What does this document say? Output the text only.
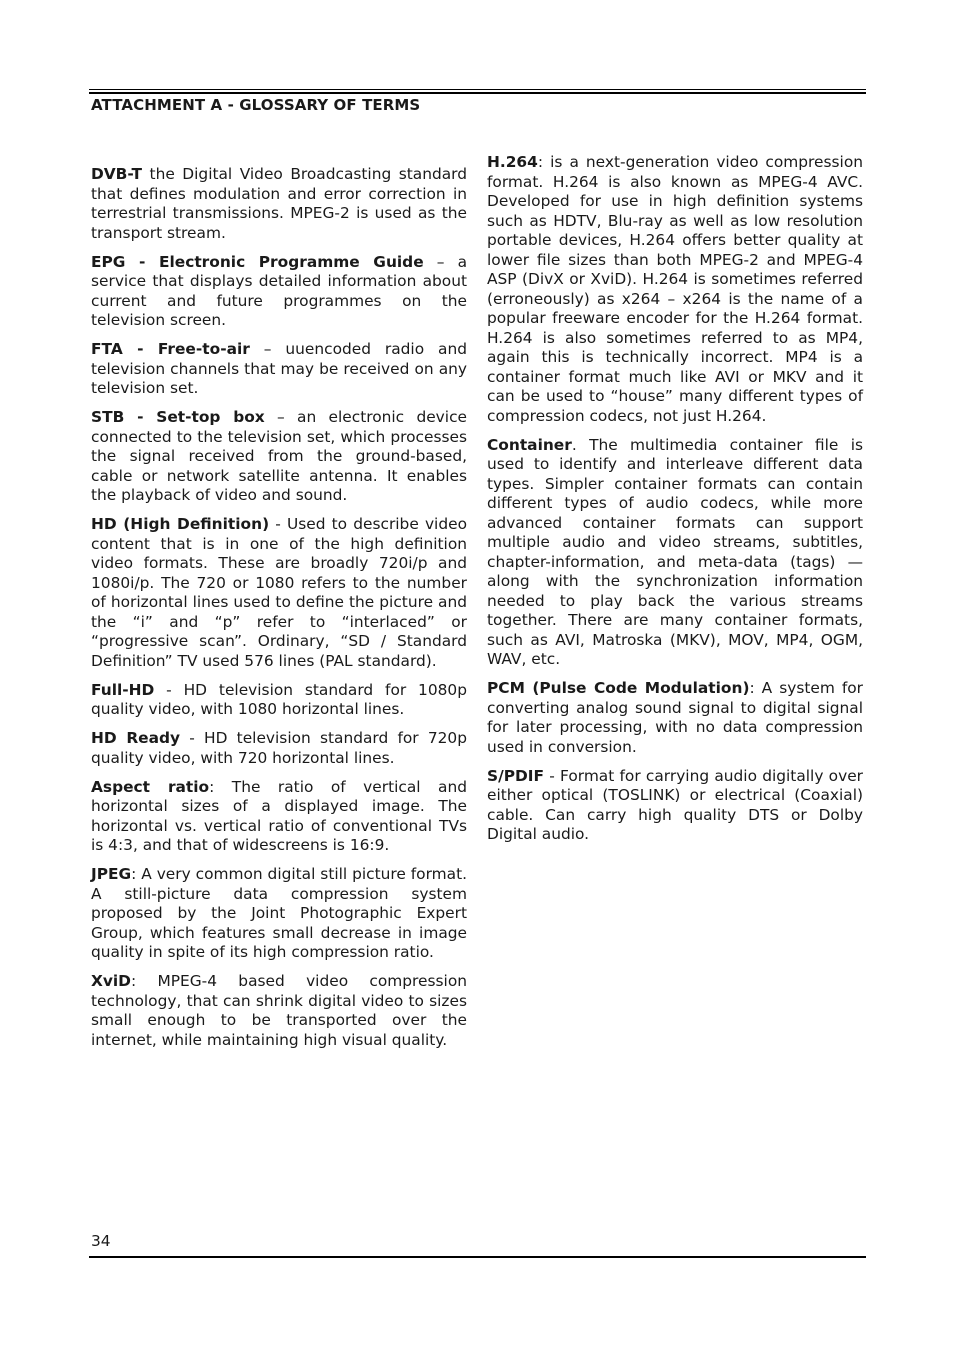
ATTACHMENT A - GLOSSARY OF TERMS

DVB-T the Digital Video Broadcasting standard that defines modulation and error correction in terrestrial transmissions. MPEG-2 is used as the transport stream.

EPG - Electronic Programme Guide – a service that displays detailed information about current and future programmes on the television screen.

FTA - Free-to-air – uuencoded radio and television channels that may be received on any television set.

STB - Set-top box – an electronic device connected to the television set, which processes the signal received from the ground-based, cable or network satellite antenna. It enables the playback of video and sound.

HD (High Definition) - Used to describe video content that is in one of the high definition video formats. These are broadly 720i/p and 1080i/p. The 720 or 1080 refers to the number of horizontal lines used to define the picture and the “i” and “p” refer to “interlaced” or “progressive scan”. Ordinary, “SD / Standard Definition” TV used 576 lines (PAL standard).

Full-HD - HD television standard for 1080p quality video, with 1080 horizontal lines.

HD Ready - HD television standard for 720p quality video, with 720 horizontal lines.

Aspect ratio: The ratio of vertical and horizontal sizes of a displayed image. The horizontal vs. vertical ratio of conventional TVs is 4:3, and that of widescreens is 16:9.

JPEG: A very common digital still picture format. A still-picture data compression system proposed by the Joint Photographic Expert Group, which features small decrease in image quality in spite of its high compression ratio.

XviD: MPEG-4 based video compression technology, that can shrink digital video to sizes small enough to be transported over the internet, while maintaining high visual quality.

H.264: is a next-generation video compression format. H.264 is also known as MPEG-4 AVC. Developed for use in high definition systems such as HDTV, Blu-ray as well as low resolution portable devices, H.264 offers better quality at lower file sizes than both MPEG-2 and MPEG-4 ASP (DivX or XviD). H.264 is sometimes referred (erroneously) as x264 – x264 is the name of a popular freeware encoder for the H.264 format. H.264 is also sometimes referred to as MP4, again this is technically incorrect. MP4 is a container format much like AVI or MKV and it can be used to “house” many different types of compression codecs, not just H.264.

Container. The multimedia container file is used to identify and interleave different data types. Simpler container formats can contain different types of audio codecs, while more advanced container formats can support multiple audio and video streams, subtitles, chapter-information, and meta-data (tags) — along with the synchronization information needed to play back the various streams together. There are many container formats, such as AVI, Matroska (MKV), MOV, MP4, OGM, WAV, etc.

PCM (Pulse Code Modulation): A system for converting analog sound signal to digital signal for later processing, with no data compression used in conversion.

S/PDIF - Format for carrying audio digitally over either optical (TOSLINK) or electrical (Coaxial) cable. Can carry high quality DTS or Dolby Digital audio.

34
